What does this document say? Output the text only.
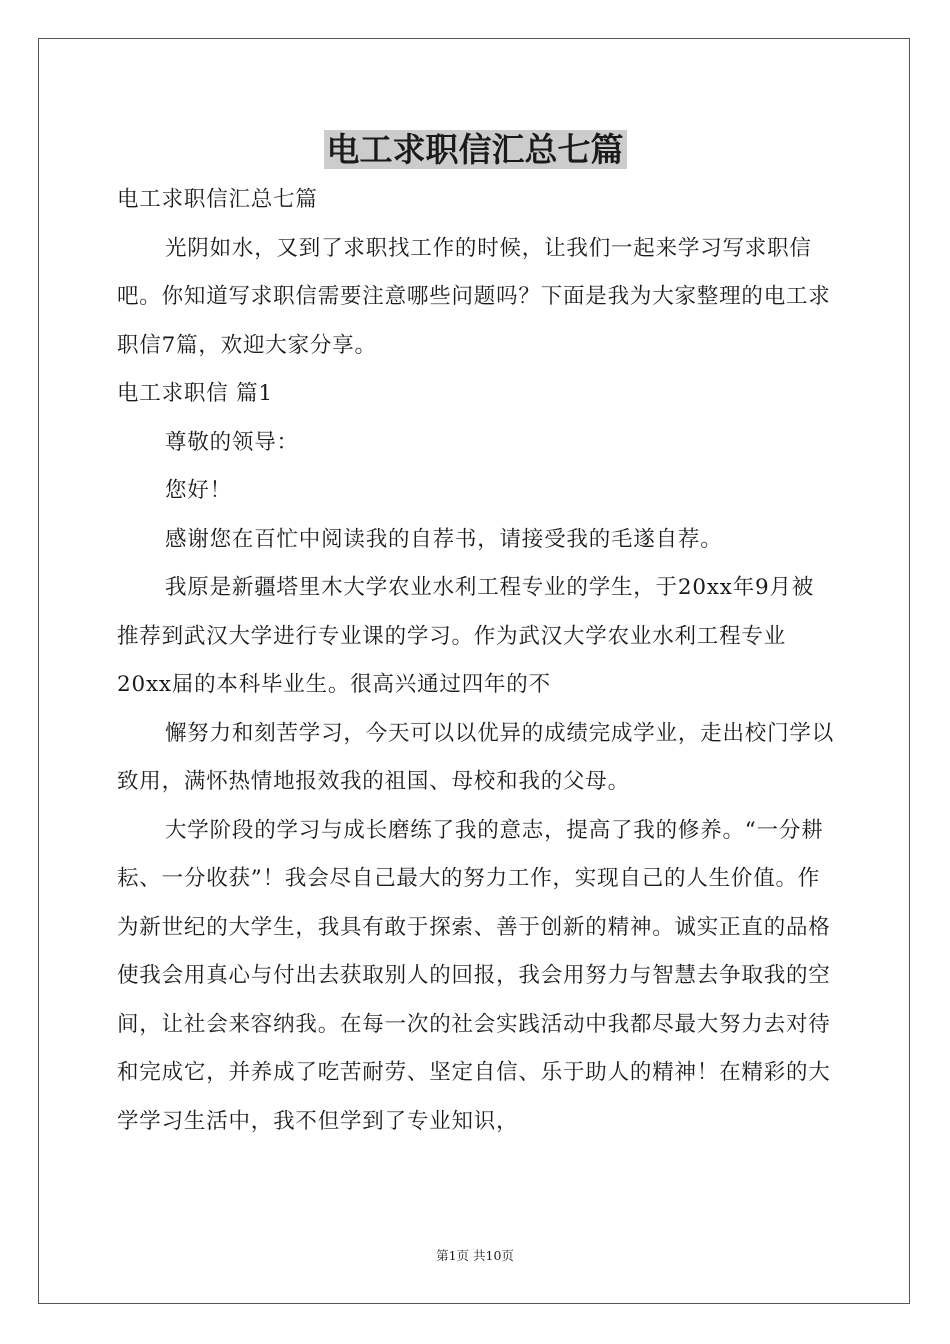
电工求职信汇总七篇

电工求职信汇总七篇

光阴如水，又到了求职找工作的时候，让我们一起来学习写求职信吧。你知道写求职信需要注意哪些问题吗？下面是我为大家整理的电工求职信7篇，欢迎大家分享。

电工求职信 篇1

尊敬的领导：

您好！

感谢您在百忙中阅读我的自荐书，请接受我的毛遂自荐。

我原是新疆塔里木大学农业水利工程专业的学生，于20xx年9月被推荐到武汉大学进行专业课的学习。作为武汉大学农业水利工程专业20xx届的本科毕业生。很高兴通过四年的不

懈努力和刻苦学习，今天可以以优异的成绩完成学业，走出校门学以致用，满怀热情地报效我的祖国、母校和我的父母。

大学阶段的学习与成长磨练了我的意志，提高了我的修养。“一分耕耘、一分收获”！我会尽自己最大的努力工作，实现自己的人生价值。作为新世纪的大学生，我具有敢于探索、善于创新的精神。诚实正直的品格使我会用真心与付出去获取别人的回报，我会用努力与智慧去争取我的空间，让社会来容纳我。在每一次的社会实践活动中我都尽最大努力去对待和完成它，并养成了吃苦耐劳、坚定自信、乐于助人的精神！在精彩的大学学习生活中，我不但学到了专业知识，

第1页 共10页
